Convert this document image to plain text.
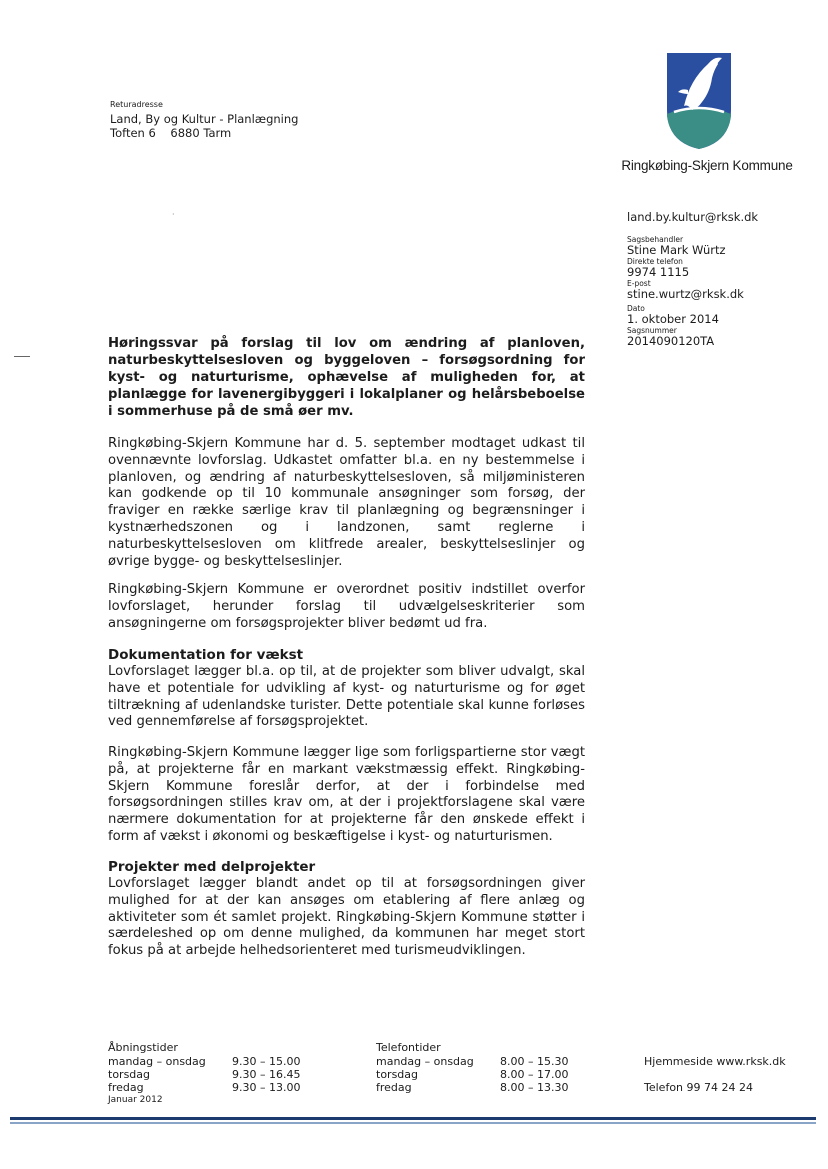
Returadresse
Land, By og Kultur - Planlægning
Toften 6    6880 Tarm
Ringkøbing-Skjern Kommune
land.by.kultur@rksk.dk
Sagsbehandler
Stine Mark Würtz
Direkte telefon
9974 1115
E-post
stine.wurtz@rksk.dk
Dato
1. oktober 2014
Sagsnummer
2014090120TA
·
Høringssvar på forslag til lov om ændring af planloven, naturbeskyttelsesloven og byggeloven – forsøgsordning for kyst- og naturturisme, ophævelse af muligheden for, at planlægge for lavenergibyggeri i lokalplaner og helårsbeboelse i sommerhuse på de små øer mv.
Ringkøbing-Skjern Kommune har d. 5. september modtaget udkast til ovennævnte lovforslag. Udkastet omfatter bl.a. en ny bestemmelse i planloven, og ændring af naturbeskyttelsesloven, så miljøministeren kan godkende op til 10 kommunale ansøgninger som forsøg, der fraviger en række særlige krav til planlægning og begrænsninger i kystnærhedszonen og i landzonen, samt reglerne i naturbeskyttelsesloven om klitfrede arealer, beskyttelseslinjer og øvrige bygge- og beskyttelseslinjer.
Ringkøbing-Skjern Kommune er overordnet positiv indstillet overfor lovforslaget, herunder forslag til udvælgelseskriterier som ansøgningerne om forsøgsprojekter bliver bedømt ud fra.
Dokumentation for vækst
Lovforslaget lægger bl.a. op til, at de projekter som bliver udvalgt, skal have et potentiale for udvikling af kyst- og naturturisme og for øget tiltrækning af udenlandske turister. Dette potentiale skal kunne forløses ved gennemførelse af forsøgsprojektet.
Ringkøbing-Skjern Kommune lægger lige som forligspartierne stor vægt på, at projekterne får en markant vækstmæssig effekt. Ringkøbing-Skjern Kommune foreslår derfor, at der i forbindelse med forsøgsordningen stilles krav om, at der i projektforslagene skal være nærmere dokumentation for at projekterne får den ønskede effekt i form af vækst i økonomi og beskæftigelse i kyst- og naturturismen.
Projekter med delprojekter
Lovforslaget lægger blandt andet op til at forsøgsordningen giver mulighed for at der kan ansøges om etablering af flere anlæg og aktiviteter som ét samlet projekt. Ringkøbing-Skjern Kommune støtter i særdeleshed op om denne mulighed, da kommunen har meget stort fokus på at arbejde helhedsorienteret med turismeudviklingen.
Åbningstider
mandag – onsdag 9.30 – 15.00
torsdag	9.30 – 16.45
fredag	9.30 – 13.00
Januar 2012
Telefontider
mandag – onsdag 8.00 – 15.30
torsdag	8.00 – 17.00
fredag	8.00 – 13.30
Hjemmeside www.rksk.dk
Telefon 99 74 24 24
